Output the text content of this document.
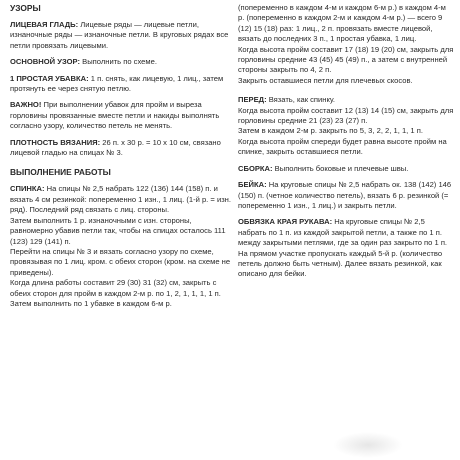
УЗОРЫ

ЛИЦЕВАЯ ГЛАДЬ: Лицевые ряды — лицевые петли, изнаночные ряды — изнаночные петли. В круговых рядах все петли провязать лицевыми.

ОСНОВНОЙ УЗОР: Выполнить по схеме.

1 ПРОСТАЯ УБАВКА: 1 п. снять, как лицевую, 1 лиц., затем протянуть ее через снятую петлю.

ВАЖНО! При выполнении убавок для пройм и выреза горловины провязанные вместе петли и накиды выполнять согласно узору, количество петель не менять.

ПЛОТНОСТЬ ВЯЗАНИЯ: 26 п. х 30 р. = 10 х 10 см, связано лицевой гладью на спицах № 3.

ВЫПОЛНЕНИЕ РАБОТЫ

СПИНКА: На спицы № 2,5 набрать 122 (136) 144 (158) п. и вязать 4 см резинкой: попеременно 1 изн., 1 лиц. (1-й р. = изн. ряд). Последний ряд связать с лиц. стороны.
Затем выполнить 1 р. изнаночными с изн. стороны, равномерно убавив петли так, чтобы на спицах осталось 111 (123) 129 (141) п.
Перейти на спицы № 3 и вязать согласно узору по схеме, провязывая по 1 лиц. кром. с обеих сторон (кром. на схеме не приведены).
Когда длина работы составит 29 (30) 31 (32) см, закрыть с обеих сторон для пройм в каждом 2-м р. по 1, 2, 1, 1, 1, 1 п.
Затем выполнить по 1 убавке в каждом 6-м р.

(попеременно в каждом 4-м и каждом 6-м р.) в каждом 4-м р. (попеременно в каждом 2-м и каждом 4-м р.) — всего 9 (12) 15 (18) раз: 1 лиц., 2 п. провязать вместе лицевой, вязать до последних 3 п., 1 простая убавка, 1 лиц.
Когда высота пройм составит 17 (18) 19 (20) см, закрыть для горловины средние 43 (45) 45 (49) п., а затем с внутренней стороны закрыть по 4, 2 п.
Закрыть оставшиеся петли для плечевых скосов.

ПЕРЕД: Вязать, как спинку.
Когда высота пройм составит 12 (13) 14 (15) см, закрыть для горловины средние 21 (23) 23 (27) п.
Затем в каждом 2-м р. закрыть по 5, 3, 2, 2, 1, 1, 1 п.
Когда высота пройм спереди будет равна высоте пройм на спинке, закрыть оставшиеся петли.

СБОРКА: Выполнить боковые и плечевые швы.

БЕЙКА: На круговые спицы № 2,5 набрать ок. 138 (142) 146 (150) п. (четное количество петель), вязать 6 р. резинкой (= попеременно 1 изн., 1 лиц.) и закрыть петли.

ОБВЯЗКА КРАЯ РУКАВА: На круговые спицы № 2,5 набрать по 1 п. из каждой закрытой петли, а также по 1 п. между закрытыми петлями, где за один раз закрыто по 1 п. На прямом участке пропускать каждый 5-й р. (количество петель должно быть четным). Далее вязать резинкой, как описано для бейки.
